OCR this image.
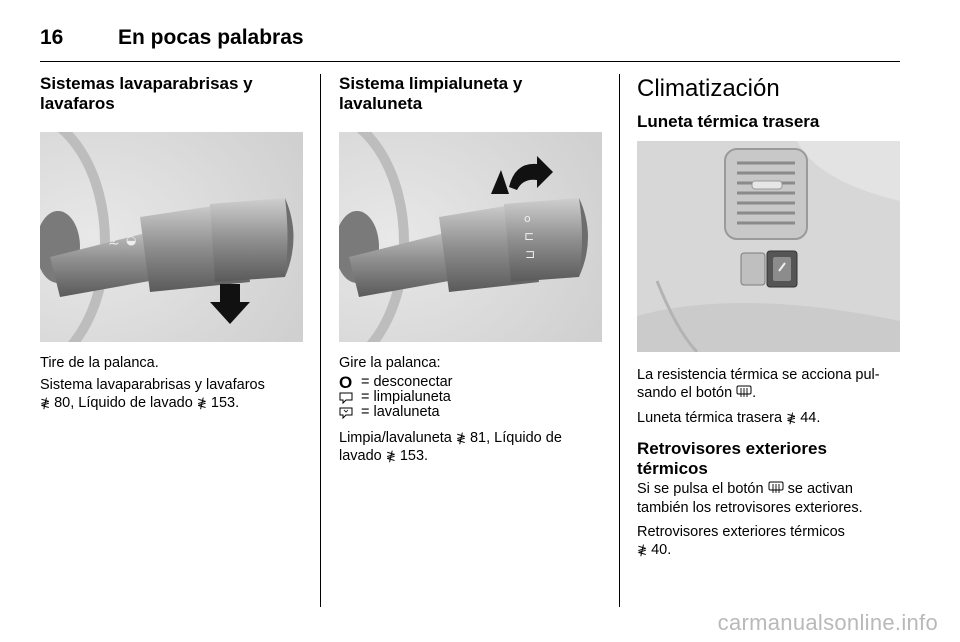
16	En pocas palabras
Sistemas lavaparabrisas y lavafaros
⩪ ◒

Tire de la palanca.

Sistema lavaparabrisas y lavafaros
≹ 80, Líquido de lavado ≹ 153.

Sistema limpialuneta y lavaluneta
o
⊏
⊐

Gire la palanca:

O = desconectar
= limpialuneta
= lavaluneta

Limpia/lavaluneta ≹ 81, Líquido de lavado ≹ 153.

Climatización
Luneta térmica trasera

La resistencia térmica se acciona pul-
sando el botón .

Luneta térmica trasera ≹ 44.

Retrovisores exteriores térmicos

Si se pulsa el botón se activan
también los retrovisores exteriores.

Retrovisores exteriores térmicos
≹ 40.

carmanualsonline.info
